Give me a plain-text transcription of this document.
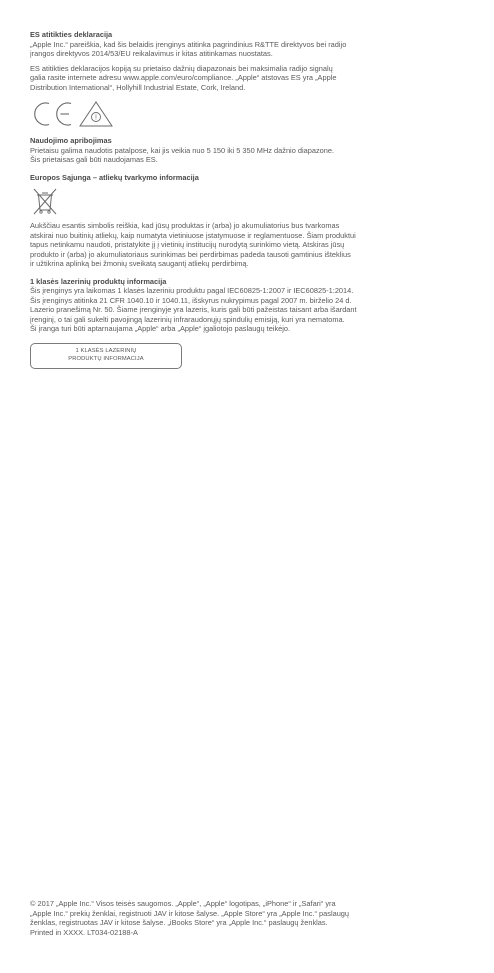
ES atitikties deklaracija

„Apple Inc.“ pareiškia, kad šis belaidis įrenginys atitinka pagrindinius R&TTE direktyvos bei radijo
įrangos direktyvos 2014/53/EU reikalavimus ir kitas atitinkamas nuostatas.

ES atitikties deklaracijos kopiją su prietaiso dažnių diapazonais bei maksimalia radijo signalų
galia rasite internete adresu www.apple.com/euro/compliance. „Apple“ atstovas ES yra „Apple
Distribution International“, Hollyhill Industrial Estate, Cork, Ireland.

!

Naudojimo apribojimas

Prietaisu galima naudotis patalpose, kai jis veikia nuo 5 150 iki 5 350 MHz dažnio diapazone.
Šis prietaisas gali būti naudojamas ES.

Europos Sąjunga – atliekų tvarkymo informacija

Aukščiau esantis simbolis reiškia, kad jūsų produktas ir (arba) jo akumuliatorius bus tvarkomas
atskirai nuo buitinių atliekų, kaip numatyta vietiniuose įstatymuose ir reglamentuose. Šiam produktui
tapus netinkamu naudoti, pristatykite jį į vietinių institucijų nurodytą surinkimo vietą. Atskiras jūsų
produkto ir (arba) jo akumuliatoriaus surinkimas bei perdirbimas padeda tausoti gamtinius išteklius
ir užtikrina aplinką bei žmonių sveikatą saugantį atliekų perdirbimą.

1 klasės lazerinių produktų informacija

Šis įrenginys yra laikomas 1 klasės lazeriniu produktu pagal IEC60825-1:2007 ir IEC60825-1:2014.
Šis įrenginys atitinka 21 CFR 1040.10 ir 1040.11, išskyrus nukrypimus pagal 2007 m. birželio 24 d.
Lazerio pranešimą Nr. 50. Šiame įrenginyje yra lazeris, kuris gali būti pažeistas taisant arba išardant
įrenginį, o tai gali sukelti pavojingą lazerinių infraraudonųjų spindulių emisiją, kuri yra nematoma.
Ši įranga turi būti aptarnaujama „Apple“ arba „Apple“ įgaliotojo paslaugų teikėjo.

1 KLASĖS LAZERINIŲ
PRODUKTŲ INFORMACIJA

© 2017 „Apple Inc.“ Visos teisės saugomos. „Apple“, „Apple“ logotipas, „iPhone“ ir „Safari“ yra
„Apple Inc.“ prekių ženklai, registruoti JAV ir kitose šalyse. „Apple Store“ yra „Apple Inc.“ paslaugų
ženklas, registruotas JAV ir kitose šalyse. „iBooks Store“ yra „Apple Inc.“ paslaugų ženklas.
Printed in XXXX. LT034-02188-A
